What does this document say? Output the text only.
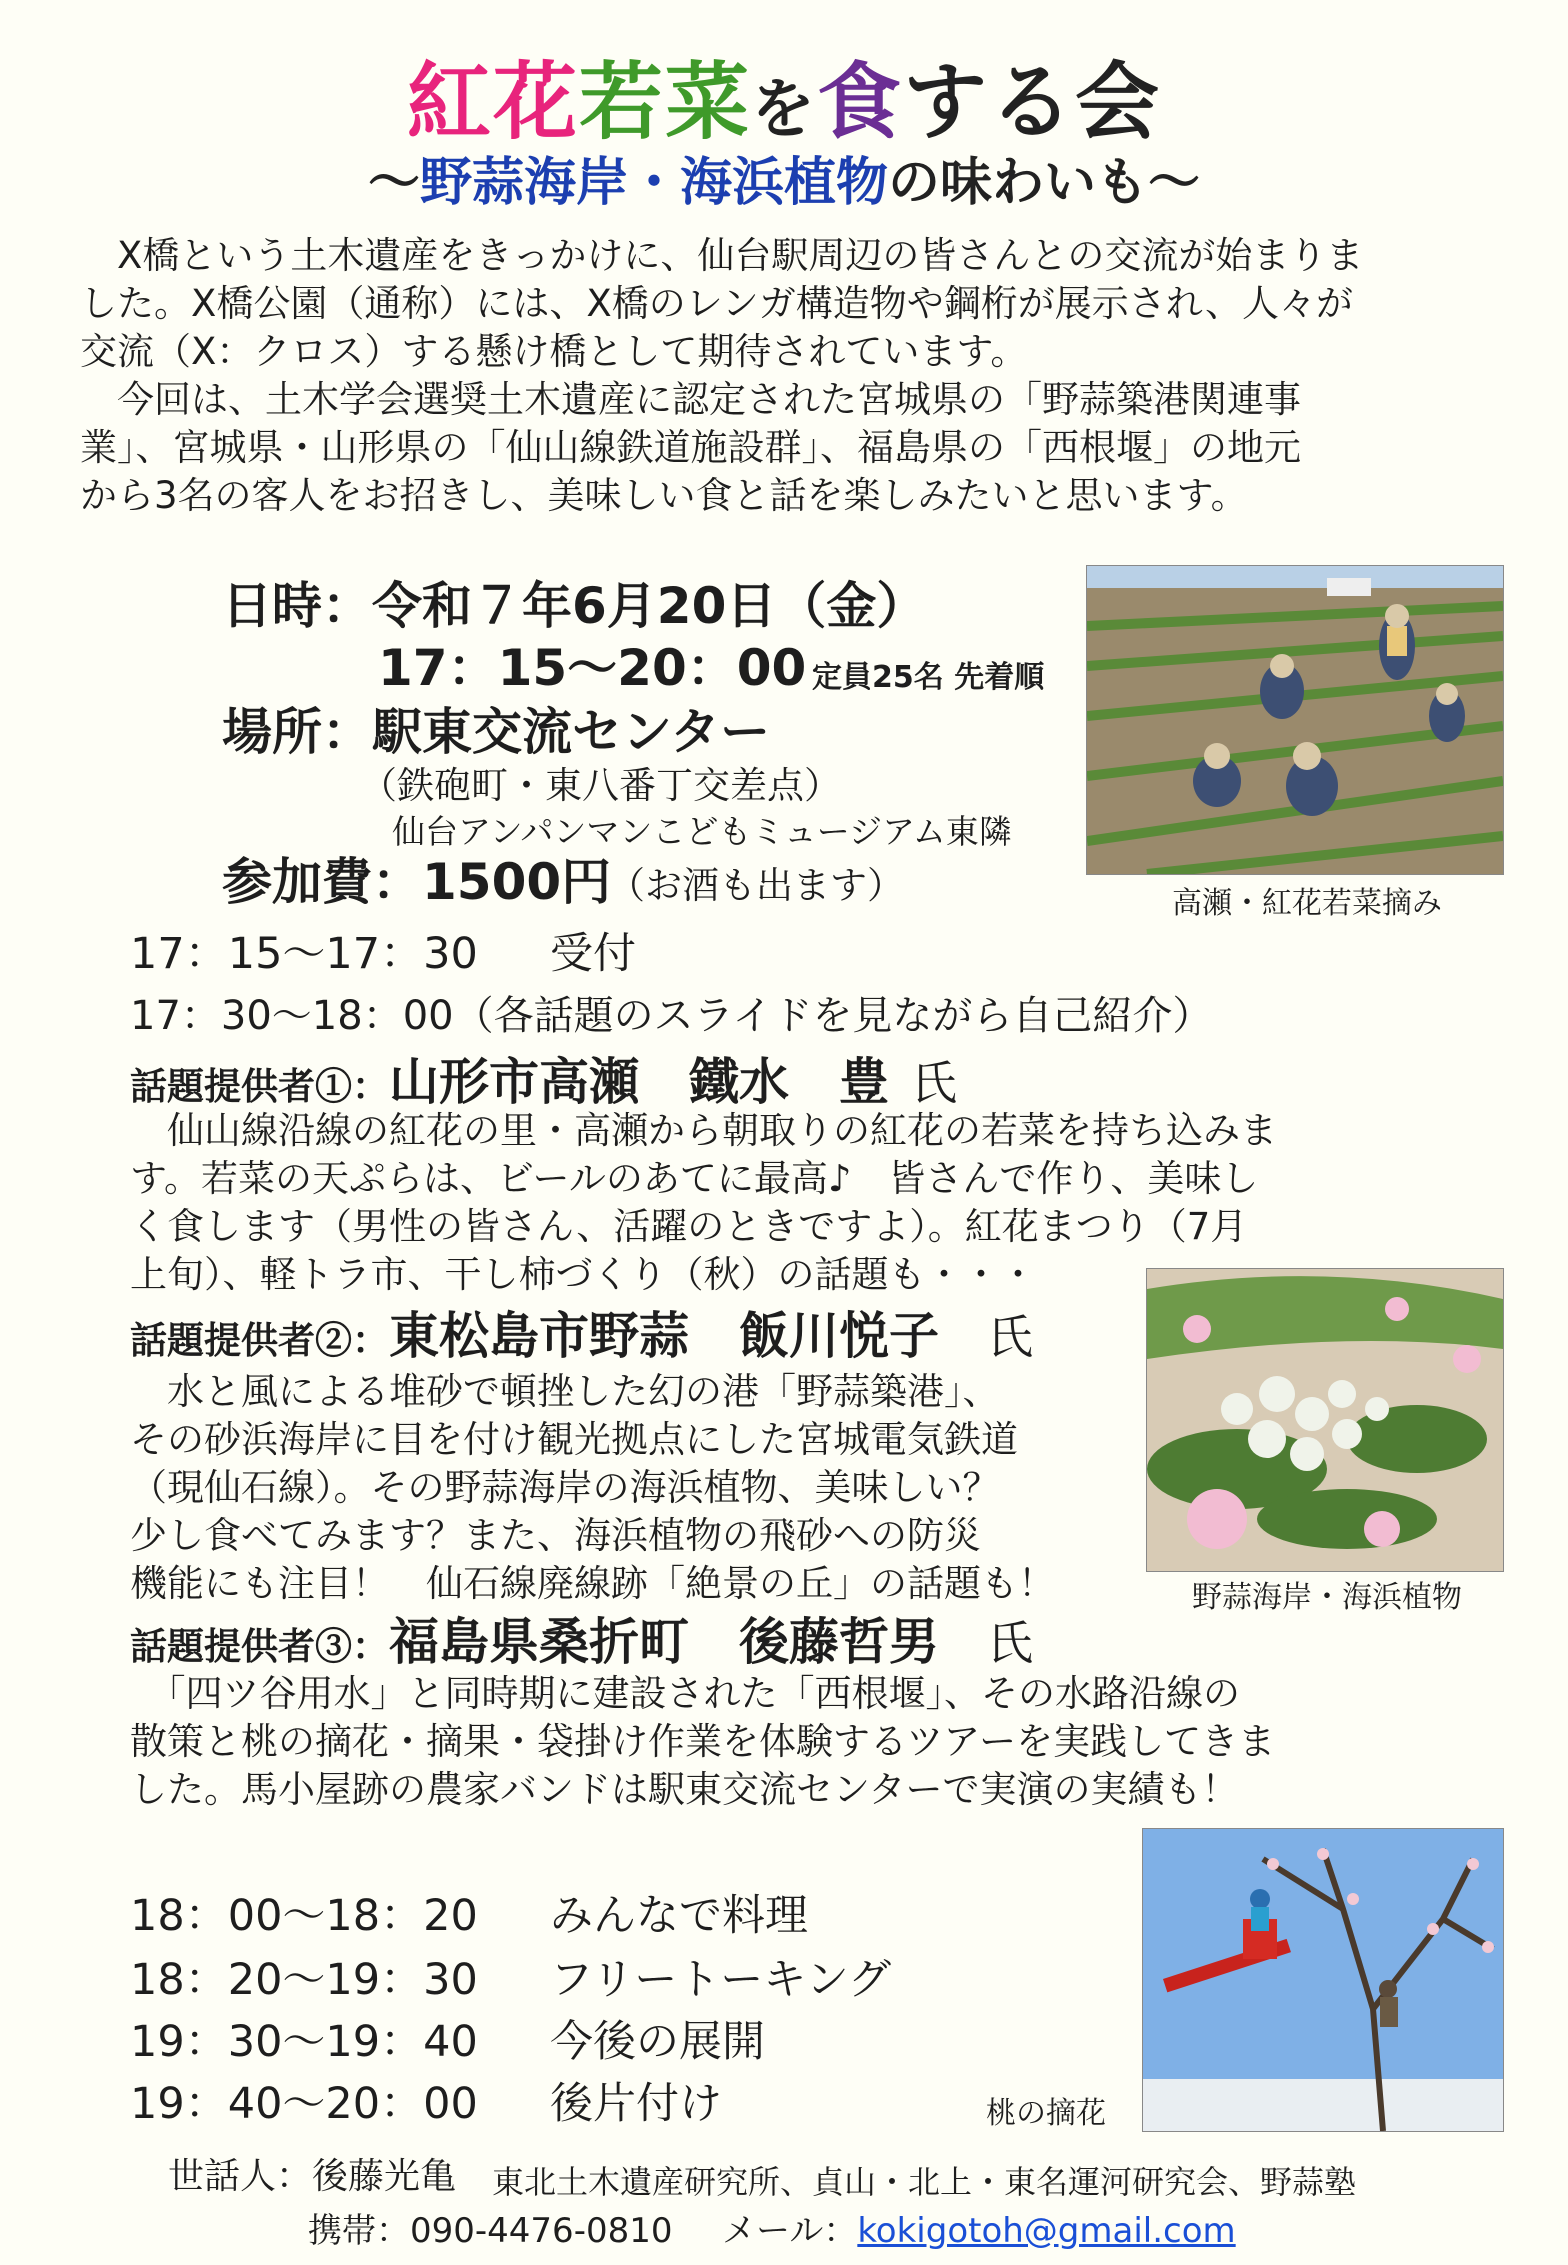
紅花若菜を食する会
〜野蒜海岸・海浜植物の味わいも〜

　X橋という土木遺産をきっかけに、仙台駅周辺の皆さんとの交流が始まりま

した。X橋公園（通称）には、X橋のレンガ構造物や鋼桁が展示され、人々が

交流（X：クロス）する懸け橋として期待されています。

　今回は、土木学会選奨土木遺産に認定された宮城県の「野蒜築港関連事

業」、宮城県・山形県の「仙山線鉄道施設群」、福島県の「西根堰」の地元

から3名の客人をお招きし、美味しい食と話を楽しみたいと思います。

日時：令和７年6月20日（金）
17：15〜20：00 定員25名 先着順
場所：駅東交流センター
（鉄砲町・東八番丁交差点）
仙台アンパンマンこどもミュージアム東隣
参加費：1500円
（お酒も出ます）	高瀬・紅花若菜摘み
17：15〜17：30 受付
17：30〜18：00（各話題のスライドを見ながら自己紹介）
話題提供者①：山形市高瀬　鐵水　豊 氏

　仙山線沿線の紅花の里・高瀬から朝取りの紅花の若菜を持ち込みま

す。若菜の天ぷらは、ビールのあてに最高♪　皆さんで作り、美味し

く食します（男性の皆さん、活躍のときですよ）。紅花まつり（7月

上旬）、軽トラ市、干し柿づくり（秋）の話題も・・・

野蒜海岸・海浜植物
話題提供者②：東松島市野蒜　飯川悦子 氏

　水と風による堆砂で頓挫した幻の港「野蒜築港」、

その砂浜海岸に目を付け観光拠点にした宮城電気鉄道

（現仙石線）。その野蒜海岸の海浜植物、美味しい？

少し食べてみます？また、海浜植物の飛砂への防災

機能にも注目！　仙石線廃線跡「絶景の丘」の話題も！

話題提供者③：福島県桑折町　後藤哲男 氏

　「四ツ谷用水」と同時期に建設された「西根堰」、その水路沿線の

散策と桃の摘花・摘果・袋掛け作業を体験するツアーを実践してきま

した。馬小屋跡の農家バンドは駅東交流センターで実演の実績も！

桃の摘花
18：00〜18：20 みんなで料理
18：20〜19：30 フリートーキング
19：30〜19：40 今後の展開
19：40〜20：00 後片付け
世話人：後藤光亀 東北土木遺産研究所、貞山・北上・東名運河研究会、野蒜塾
携帯：090-4476-0810 メール：kokigotoh@gmail.com
